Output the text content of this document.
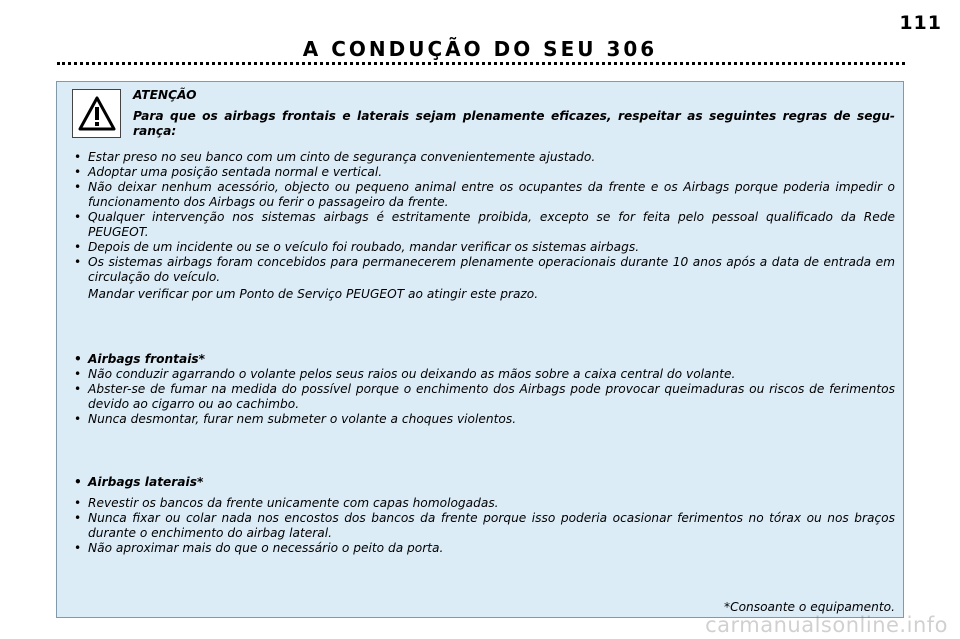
111
A CONDUÇÃO DO SEU 306
ATENÇÃO
Para que os airbags frontais e laterais sejam plenamente eficazes, respeitar as seguintes regras de segu-rança:
• Estar preso no seu banco com um cinto de segurança convenientemente ajustado.
• Adoptar uma posição sentada normal e vertical.
• Não deixar nenhum acessório, objecto ou pequeno animal entre os ocupantes da frente e os Airbags porque poderia impedir o funcionamento dos Airbags ou ferir o passageiro da frente.
• Qualquer intervenção nos sistemas airbags é estritamente proibida, excepto se for feita pelo pessoal qualificado da Rede PEUGEOT.
• Depois de um incidente ou se o veículo foi roubado, mandar verificar os sistemas airbags.
• Os sistemas airbags foram concebidos para permanecerem plenamente operacionais durante 10 anos após a data de entrada em circulação do veículo.
Mandar verificar por um Ponto de Serviço PEUGEOT ao atingir este prazo.
• Airbags frontais*
• Não conduzir agarrando o volante pelos seus raios ou deixando as mãos sobre a caixa central do volante.
• Abster-se de fumar na medida do possível porque o enchimento dos Airbags pode provocar queimaduras ou riscos de ferimentos devido ao cigarro ou ao cachimbo.
• Nunca desmontar, furar nem submeter o volante a choques violentos.
• Airbags laterais*
• Revestir os bancos da frente unicamente com capas homologadas.
• Nunca fixar ou colar nada nos encostos dos bancos da frente porque isso poderia ocasionar ferimentos no tórax ou nos braços durante o enchimento do airbag lateral.
• Não aproximar mais do que o necessário o peito da porta.
*Consoante o equipamento.
carmanualsonline.info
